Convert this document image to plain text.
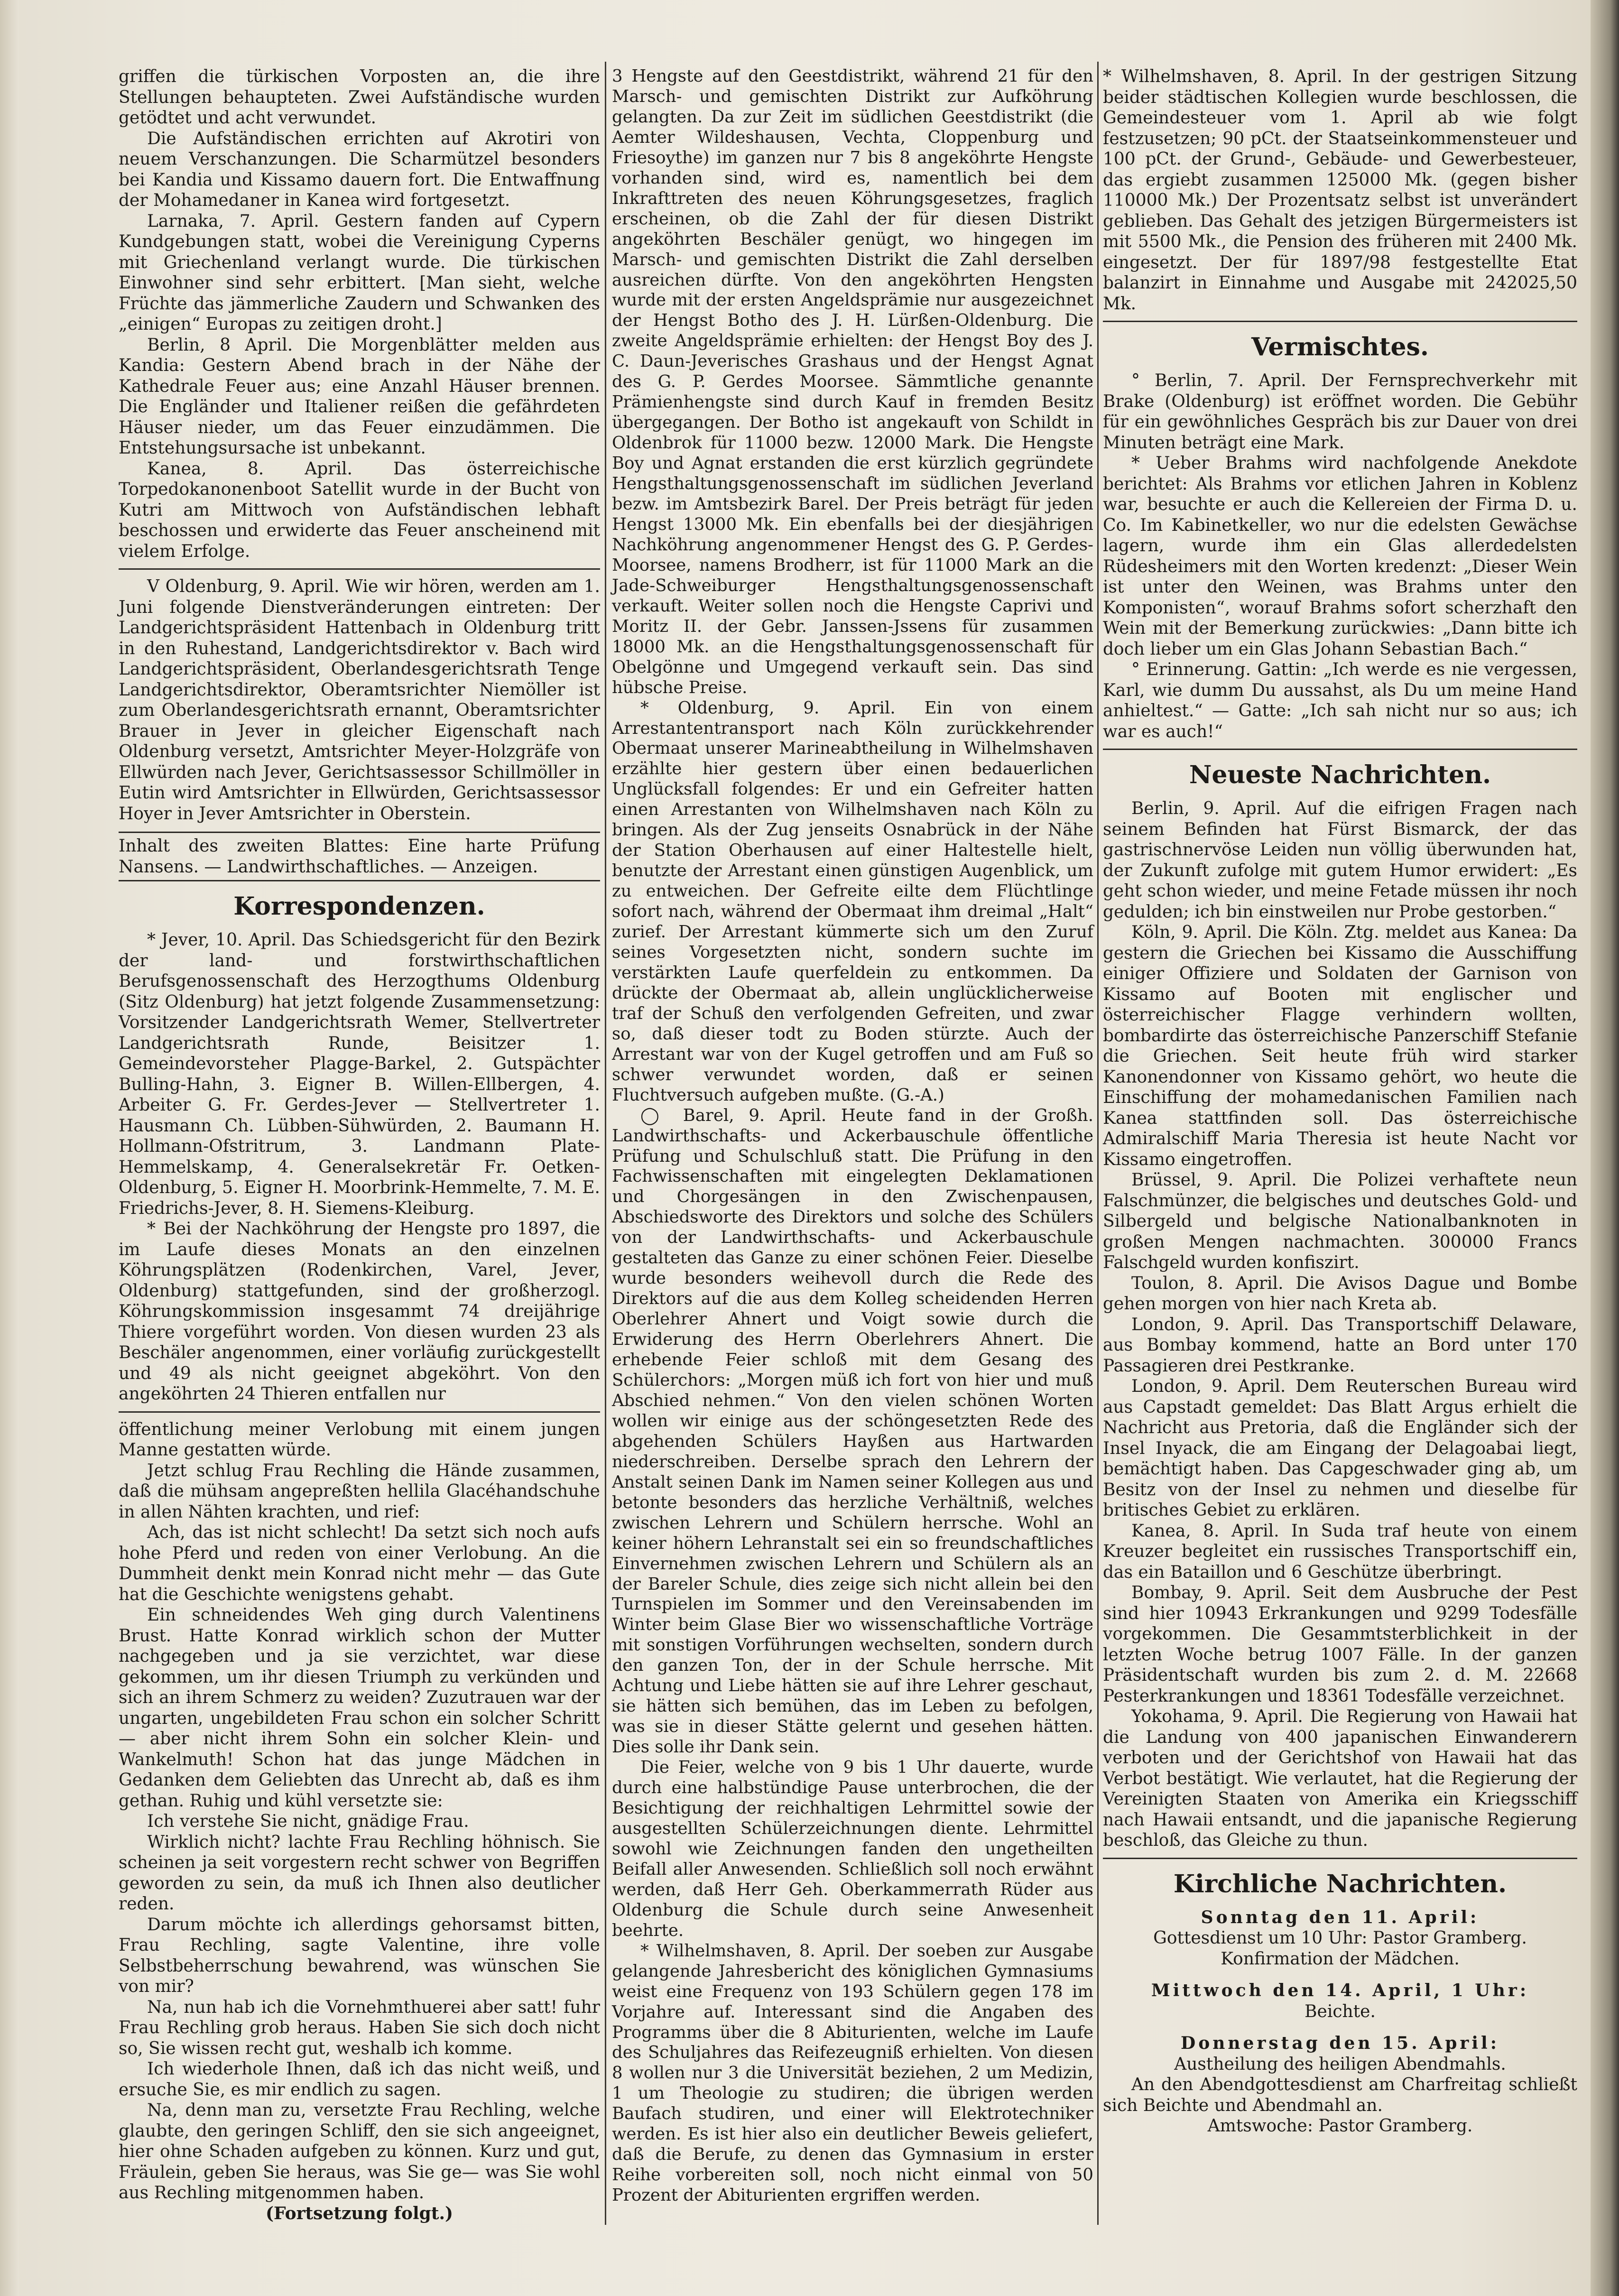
griffen die türkischen Vorposten an, die ihre Stellungen behaupteten. Zwei Aufständische wurden getödtet und acht verwundet.

Die Aufständischen errichten auf Akrotiri von neuem Verschanzungen. Die Scharmützel besonders bei Kandia und Kissamo dauern fort. Die Entwaffnung der Mohamedaner in Kanea wird fortgesetzt.

Larnaka, 7. April. Gestern fanden auf Cypern Kundgebungen statt, wobei die Vereinigung Cyperns mit Griechenland verlangt wurde. Die türkischen Einwohner sind sehr erbittert. [Man sieht, welche Früchte das jämmerliche Zaudern und Schwanken des „einigen“ Europas zu zeitigen droht.]

Berlin, 8 April. Die Morgenblätter melden aus Kandia: Gestern Abend brach in der Nähe der Kathedrale Feuer aus; eine Anzahl Häuser brennen. Die Engländer und Italiener reißen die gefährdeten Häuser nieder, um das Feuer einzudämmen. Die Entstehungsursache ist unbekannt.

Kanea, 8. April. Das österreichische Torpedokanonenboot Satellit wurde in der Bucht von Kutri am Mittwoch von Aufständischen lebhaft beschossen und erwiderte das Feuer anscheinend mit vielem Erfolge.

V Oldenburg, 9. April. Wie wir hören, werden am 1. Juni folgende Dienstveränderungen eintreten: Der Landgerichtspräsident Hattenbach in Oldenburg tritt in den Ruhestand, Landgerichtsdirektor v. Bach wird Landgerichtspräsident, Oberlandesgerichtsrath Tenge Landgerichtsdirektor, Oberamtsrichter Niemöller ist zum Oberlandesgerichtsrath ernannt, Oberamtsrichter Brauer in Jever in gleicher Eigenschaft nach Oldenburg versetzt, Amtsrichter Meyer-Holzgräfe von Ellwürden nach Jever, Gerichtsassessor Schillmöller in Eutin wird Amtsrichter in Ellwürden, Gerichtsassessor Hoyer in Jever Amtsrichter in Oberstein.

Inhalt des zweiten Blattes: Eine harte Prüfung Nansens. — Landwirthschaftliches. — Anzeigen.

Korrespondenzen.

* Jever, 10. April. Das Schiedsgericht für den Bezirk der land- und forstwirthschaftlichen Berufsgenossenschaft des Herzogthums Oldenburg (Sitz Oldenburg) hat jetzt folgende Zusammensetzung: Vorsitzender Landgerichtsrath Wemer, Stellvertreter Landgerichtsrath Runde, Beisitzer 1. Gemeindevorsteher Plagge-Barkel, 2. Gutspächter Bulling-Hahn, 3. Eigner B. Willen-Ellbergen, 4. Arbeiter G. Fr. Gerdes-Jever — Stellvertreter 1. Hausmann Ch. Lübben-Sühwürden, 2. Baumann H. Hollmann-Ofstritrum, 3. Landmann Plate-Hemmelskamp, 4. Generalsekretär Fr. Oetken-Oldenburg, 5. Eigner H. Moorbrink-Hemmelte, 7. M. E. Friedrichs-Jever, 8. H. Siemens-Kleiburg.

* Bei der Nachköhrung der Hengste pro 1897, die im Laufe dieses Monats an den einzelnen Köhrungsplätzen (Rodenkirchen, Varel, Jever, Oldenburg) stattgefunden, sind der großherzogl. Köhrungskommission insgesammt 74 dreijährige Thiere vorgeführt worden. Von diesen wurden 23 als Beschäler angenommen, einer vorläufig zurückgestellt und 49 als nicht geeignet abgeköhrt. Von den angeköhrten 24 Thieren entfallen nur

öffentlichung meiner Verlobung mit einem jungen Manne gestatten würde.

Jetzt schlug Frau Rechling die Hände zusammen, daß die mühsam angepreßten hellila Glacéhandschuhe in allen Nähten krachten, und rief:

Ach, das ist nicht schlecht! Da setzt sich noch aufs hohe Pferd und reden von einer Verlobung. An die Dummheit denkt mein Konrad nicht mehr — das Gute hat die Geschichte wenigstens gehabt.

Ein schneidendes Weh ging durch Valentinens Brust. Hatte Konrad wirklich schon der Mutter nachgegeben und ja sie verzichtet, war diese gekommen, um ihr diesen Triumph zu verkünden und sich an ihrem Schmerz zu weiden? Zuzutrauen war der ungarten, ungebildeten Frau schon ein solcher Schritt — aber nicht ihrem Sohn ein solcher Klein- und Wankelmuth! Schon hat das junge Mädchen in Gedanken dem Geliebten das Unrecht ab, daß es ihm gethan. Ruhig und kühl versetzte sie:

Ich verstehe Sie nicht, gnädige Frau.

Wirklich nicht? lachte Frau Rechling höhnisch. Sie scheinen ja seit vorgestern recht schwer von Begriffen geworden zu sein, da muß ich Ihnen also deutlicher reden.

Darum möchte ich allerdings gehorsamst bitten, Frau Rechling, sagte Valentine, ihre volle Selbstbeherrschung bewahrend, was wünschen Sie von mir?

Na, nun hab ich die Vornehmthuerei aber satt! fuhr Frau Rechling grob heraus. Haben Sie sich doch nicht so, Sie wissen recht gut, weshalb ich komme.

Ich wiederhole Ihnen, daß ich das nicht weiß, und ersuche Sie, es mir endlich zu sagen.

Na, denn man zu, versetzte Frau Rechling, welche glaubte, den geringen Schliff, den sie sich angeeignet, hier ohne Schaden aufgeben zu können. Kurz und gut, Fräulein, geben Sie heraus, was Sie ge— was Sie wohl aus Rechling mitgenommen haben.

(Fortsetzung folgt.)

3 Hengste auf den Geestdistrikt, während 21 für den Marsch- und gemischten Distrikt zur Aufköhrung gelangten. Da zur Zeit im südlichen Geestdistrikt (die Aemter Wildeshausen, Vechta, Cloppenburg und Friesoythe) im ganzen nur 7 bis 8 angeköhrte Hengste vorhanden sind, wird es, namentlich bei dem Inkrafttreten des neuen Köhrungsgesetzes, fraglich erscheinen, ob die Zahl der für diesen Distrikt angeköhrten Beschäler genügt, wo hingegen im Marsch- und gemischten Distrikt die Zahl derselben ausreichen dürfte. Von den angeköhrten Hengsten wurde mit der ersten Angeldsprämie nur ausgezeichnet der Hengst Botho des J. H. Lürßen-Oldenburg. Die zweite Angeldsprämie erhielten: der Hengst Boy des J. C. Daun-Jeverisches Grashaus und der Hengst Agnat des G. P. Gerdes Moorsee. Sämmtliche genannte Prämienhengste sind durch Kauf in fremden Besitz übergegangen. Der Botho ist angekauft von Schildt in Oldenbrok für 11000 bezw. 12000 Mark. Die Hengste Boy und Agnat erstanden die erst kürzlich gegründete Hengsthaltungsgenossenschaft im südlichen Jeverland bezw. im Amtsbezirk Barel. Der Preis beträgt für jeden Hengst 13000 Mk. Ein ebenfalls bei der diesjährigen Nachköhrung angenommener Hengst des G. P. Gerdes-Moorsee, namens Brodherr, ist für 11000 Mark an die Jade-Schweiburger Hengsthaltungsgenossenschaft verkauft. Weiter sollen noch die Hengste Caprivi und Moritz II. der Gebr. Janssen-Jssens für zusammen 18000 Mk. an die Hengsthaltungsgenossenschaft für Obelgönne und Umgegend verkauft sein. Das sind hübsche Preise.

* Oldenburg, 9. April. Ein von einem Arrestantentransport nach Köln zurückkehrender Obermaat unserer Marineabtheilung in Wilhelmshaven erzählte hier gestern über einen bedauerlichen Unglücksfall folgendes: Er und ein Gefreiter hatten einen Arrestanten von Wilhelmshaven nach Köln zu bringen. Als der Zug jenseits Osnabrück in der Nähe der Station Oberhausen auf einer Haltestelle hielt, benutzte der Arrestant einen günstigen Augenblick, um zu entweichen. Der Gefreite eilte dem Flüchtlinge sofort nach, während der Obermaat ihm dreimal „Halt“ zurief. Der Arrestant kümmerte sich um den Zuruf seines Vorgesetzten nicht, sondern suchte im verstärkten Laufe querfeldein zu entkommen. Da drückte der Obermaat ab, allein unglücklicherweise traf der Schuß den verfolgenden Gefreiten, und zwar so, daß dieser todt zu Boden stürzte. Auch der Arrestant war von der Kugel getroffen und am Fuß so schwer verwundet worden, daß er seinen Fluchtversuch aufgeben mußte. (G.-A.)

◯ Barel, 9. April. Heute fand in der Großh. Landwirthschafts- und Ackerbauschule öffentliche Prüfung und Schulschluß statt. Die Prüfung in den Fachwissenschaften mit eingelegten Deklamationen und Chorgesängen in den Zwischenpausen, Abschiedsworte des Direktors und solche des Schülers von der Landwirthschafts- und Ackerbauschule gestalteten das Ganze zu einer schönen Feier. Dieselbe wurde besonders weihevoll durch die Rede des Direktors auf die aus dem Kolleg scheidenden Herren Oberlehrer Ahnert und Voigt sowie durch die Erwiderung des Herrn Oberlehrers Ahnert. Die erhebende Feier schloß mit dem Gesang des Schülerchors: „Morgen müß ich fort von hier und muß Abschied nehmen.“ Von den vielen schönen Worten wollen wir einige aus der schöngesetzten Rede des abgehenden Schülers Hayßen aus Hartwarden niederschreiben. Derselbe sprach den Lehrern der Anstalt seinen Dank im Namen seiner Kollegen aus und betonte besonders das herzliche Verhältniß, welches zwischen Lehrern und Schülern herrsche. Wohl an keiner höhern Lehranstalt sei ein so freundschaftliches Einvernehmen zwischen Lehrern und Schülern als an der Bareler Schule, dies zeige sich nicht allein bei den Turnspielen im Sommer und den Vereinsabenden im Winter beim Glase Bier wo wissenschaftliche Vorträge mit sonstigen Vorführungen wechselten, sondern durch den ganzen Ton, der in der Schule herrsche. Mit Achtung und Liebe hätten sie auf ihre Lehrer geschaut, sie hätten sich bemühen, das im Leben zu befolgen, was sie in dieser Stätte gelernt und gesehen hätten. Dies solle ihr Dank sein.

Die Feier, welche von 9 bis 1 Uhr dauerte, wurde durch eine halbstündige Pause unterbrochen, die der Besichtigung der reichhaltigen Lehrmittel sowie der ausgestellten Schülerzeichnungen diente. Lehrmittel sowohl wie Zeichnungen fanden den ungetheilten Beifall aller Anwesenden. Schließlich soll noch erwähnt werden, daß Herr Geh. Oberkammerrath Rüder aus Oldenburg die Schule durch seine Anwesenheit beehrte.

* Wilhelmshaven, 8. April. Der soeben zur Ausgabe gelangende Jahresbericht des königlichen Gymnasiums weist eine Frequenz von 193 Schülern gegen 178 im Vorjahre auf. Interessant sind die Angaben des Programms über die 8 Abiturienten, welche im Laufe des Schuljahres das Reifezeugniß erhielten. Von diesen 8 wollen nur 3 die Universität beziehen, 2 um Medizin, 1 um Theologie zu studiren; die übrigen werden Baufach studiren, und einer will Elektrotechniker werden. Es ist hier also ein deutlicher Beweis geliefert, daß die Berufe, zu denen das Gymnasium in erster Reihe vorbereiten soll, noch nicht einmal von 50 Prozent der Abiturienten ergriffen werden.

* Wilhelmshaven, 8. April. In der gestrigen Sitzung beider städtischen Kollegien wurde beschlossen, die Gemeindesteuer vom 1. April ab wie folgt festzusetzen; 90 pCt. der Staatseinkommensteuer und 100 pCt. der Grund-, Gebäude- und Gewerbesteuer, das ergiebt zusammen 125000 Mk. (gegen bisher 110000 Mk.) Der Prozentsatz selbst ist unverändert geblieben. Das Gehalt des jetzigen Bürgermeisters ist mit 5500 Mk., die Pension des früheren mit 2400 Mk. eingesetzt. Der für 1897/98 festgestellte Etat balanzirt in Einnahme und Ausgabe mit 242025,50 Mk.

Vermischtes.

° Berlin, 7. April. Der Fernsprechverkehr mit Brake (Oldenburg) ist eröffnet worden. Die Gebühr für ein gewöhnliches Gespräch bis zur Dauer von drei Minuten beträgt eine Mark.

* Ueber Brahms wird nachfolgende Anekdote berichtet: Als Brahms vor etlichen Jahren in Koblenz war, besuchte er auch die Kellereien der Firma D. u. Co. Im Kabinetkeller, wo nur die edelsten Gewächse lagern, wurde ihm ein Glas allerdedelsten Rüdesheimers mit den Worten kredenzt: „Dieser Wein ist unter den Weinen, was Brahms unter den Komponisten“, worauf Brahms sofort scherzhaft den Wein mit der Bemerkung zurückwies: „Dann bitte ich doch lieber um ein Glas Johann Sebastian Bach.“

° Erinnerung. Gattin: „Ich werde es nie vergessen, Karl, wie dumm Du aussahst, als Du um meine Hand anhieltest.“ — Gatte: „Ich sah nicht nur so aus; ich war es auch!“

Neueste Nachrichten.

Berlin, 9. April. Auf die eifrigen Fragen nach seinem Befinden hat Fürst Bismarck, der das gastrischnervöse Leiden nun völlig überwunden hat, der Zukunft zufolge mit gutem Humor erwidert: „Es geht schon wieder, und meine Fetade müssen ihr noch gedulden; ich bin einstweilen nur Probe gestorben.“

Köln, 9. April. Die Köln. Ztg. meldet aus Kanea: Da gestern die Griechen bei Kissamo die Ausschiffung einiger Offiziere und Soldaten der Garnison von Kissamo auf Booten mit englischer und österreichischer Flagge verhindern wollten, bombardirte das österreichische Panzerschiff Stefanie die Griechen. Seit heute früh wird starker Kanonendonner von Kissamo gehört, wo heute die Einschiffung der mohamedanischen Familien nach Kanea stattfinden soll. Das österreichische Admiralschiff Maria Theresia ist heute Nacht vor Kissamo eingetroffen.

Brüssel, 9. April. Die Polizei verhaftete neun Falschmünzer, die belgisches und deutsches Gold- und Silbergeld und belgische Nationalbanknoten in großen Mengen nachmachten. 300000 Francs Falschgeld wurden konfiszirt.

Toulon, 8. April. Die Avisos Dague und Bombe gehen morgen von hier nach Kreta ab.

London, 9. April. Das Transportschiff Delaware, aus Bombay kommend, hatte an Bord unter 170 Passagieren drei Pestkranke.

London, 9. April. Dem Reuterschen Bureau wird aus Capstadt gemeldet: Das Blatt Argus erhielt die Nachricht aus Pretoria, daß die Engländer sich der Insel Inyack, die am Eingang der Delagoabai liegt, bemächtigt haben. Das Capgeschwader ging ab, um Besitz von der Insel zu nehmen und dieselbe für britisches Gebiet zu erklären.

Kanea, 8. April. In Suda traf heute von einem Kreuzer begleitet ein russisches Transportschiff ein, das ein Bataillon und 6 Geschütze überbringt.

Bombay, 9. April. Seit dem Ausbruche der Pest sind hier 10943 Erkrankungen und 9299 Todesfälle vorgekommen. Die Gesammtsterblichkeit in der letzten Woche betrug 1007 Fälle. In der ganzen Präsidentschaft wurden bis zum 2. d. M. 22668 Pesterkrankungen und 18361 Todesfälle verzeichnet.

Yokohama, 9. April. Die Regierung von Hawaii hat die Landung von 400 japanischen Einwanderern verboten und der Gerichtshof von Hawaii hat das Verbot bestätigt. Wie verlautet, hat die Regierung der Vereinigten Staaten von Amerika ein Kriegsschiff nach Hawaii entsandt, und die japanische Regierung beschloß, das Gleiche zu thun.

Kirchliche Nachrichten.
Sonntag den 11. April:
Gottesdienst um 10 Uhr: Pastor Gramberg.
Konfirmation der Mädchen.
Mittwoch den 14. April, 1 Uhr:
Beichte.
Donnerstag den 15. April:
Austheilung des heiligen Abendmahls.

An den Abendgottesdienst am Charfreitag schließt sich Beichte und Abendmahl an.

Amtswoche: Pastor Gramberg.
